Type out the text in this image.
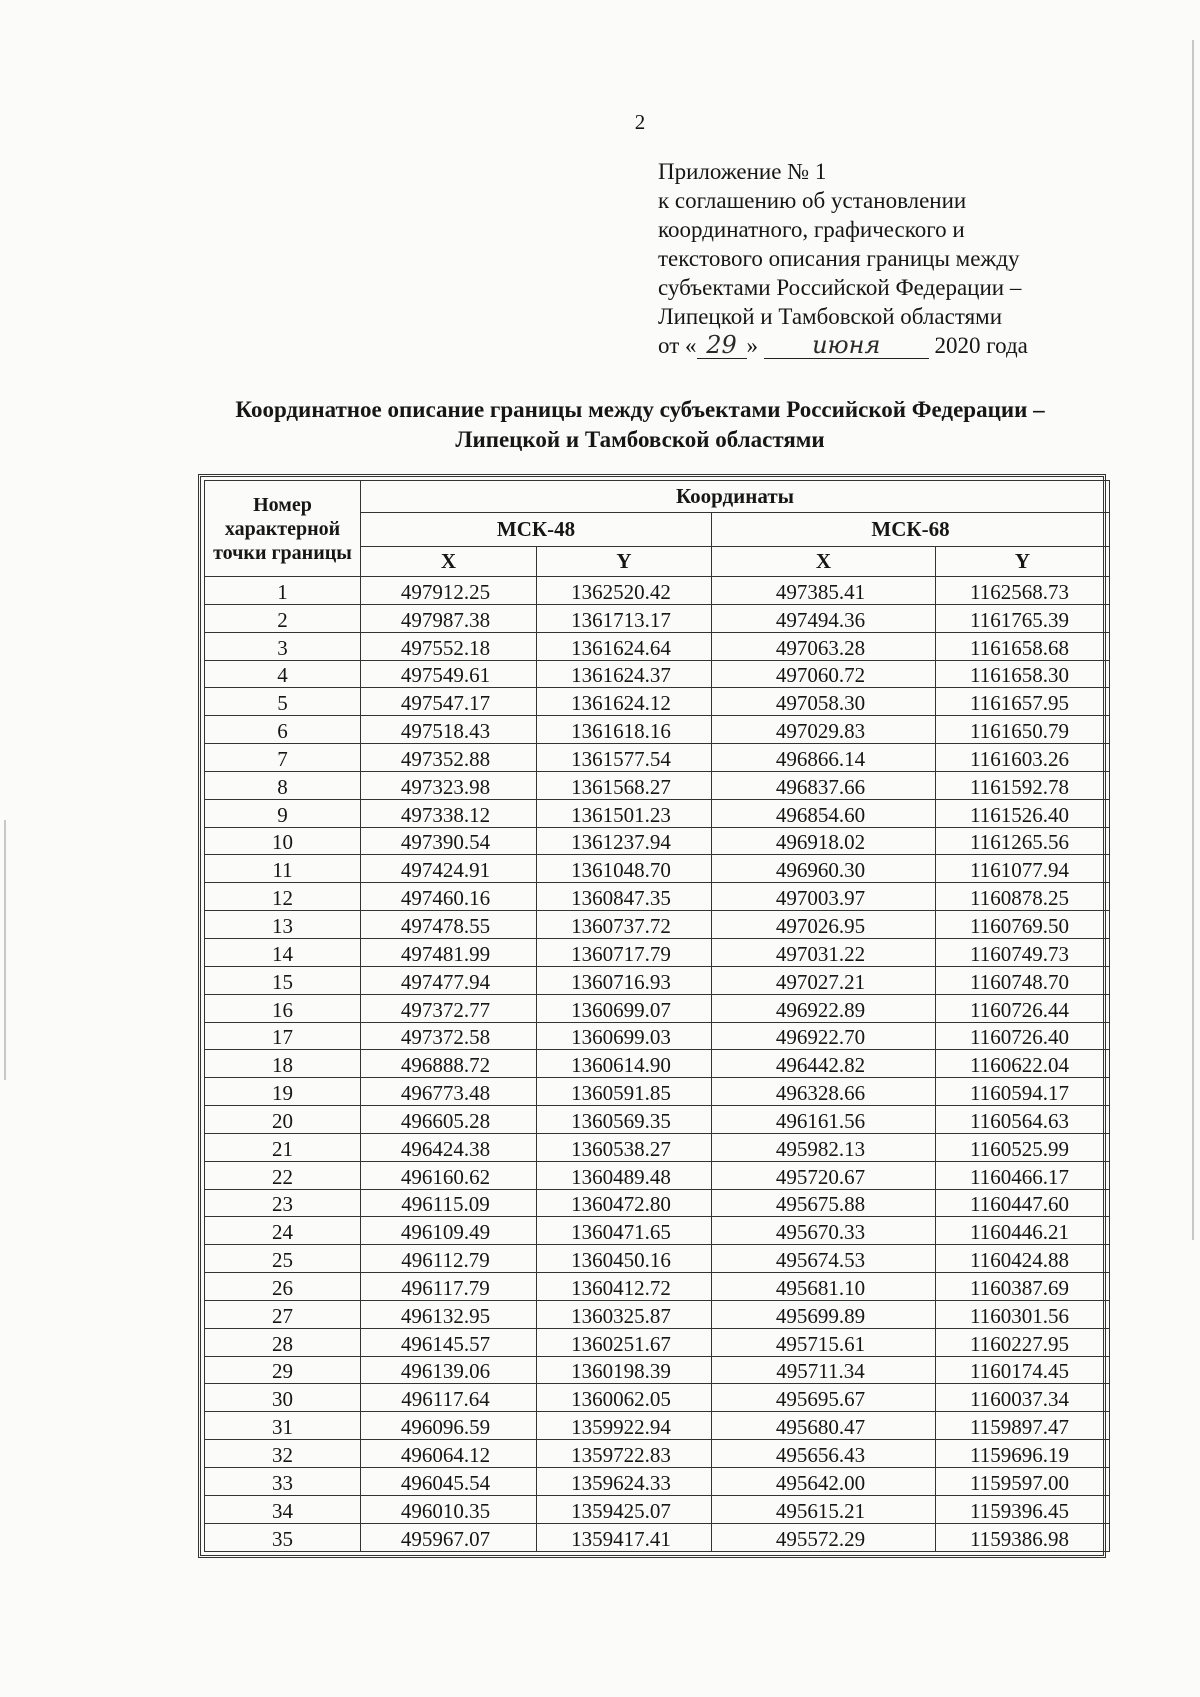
2
Приложение № 1
к соглашению об установлении
координатного, графического и
текстового описания границы между
субъектами Российской Федерации –
Липецкой и Тамбовской областями
от « 29 » июня 2020 года
Координатное описание границы между субъектами Российской Федерации –
Липецкой и Тамбовской областями
Номер характерной точки границы	Координаты			
	МСК-48		МСК-68	
	X	Y	X	Y
1	497912.25	1362520.42	497385.41	1162568.73
2	497987.38	1361713.17	497494.36	1161765.39
3	497552.18	1361624.64	497063.28	1161658.68
4	497549.61	1361624.37	497060.72	1161658.30
5	497547.17	1361624.12	497058.30	1161657.95
6	497518.43	1361618.16	497029.83	1161650.79
7	497352.88	1361577.54	496866.14	1161603.26
8	497323.98	1361568.27	496837.66	1161592.78
9	497338.12	1361501.23	496854.60	1161526.40
10	497390.54	1361237.94	496918.02	1161265.56
11	497424.91	1361048.70	496960.30	1161077.94
12	497460.16	1360847.35	497003.97	1160878.25
13	497478.55	1360737.72	497026.95	1160769.50
14	497481.99	1360717.79	497031.22	1160749.73
15	497477.94	1360716.93	497027.21	1160748.70
16	497372.77	1360699.07	496922.89	1160726.44
17	497372.58	1360699.03	496922.70	1160726.40
18	496888.72	1360614.90	496442.82	1160622.04
19	496773.48	1360591.85	496328.66	1160594.17
20	496605.28	1360569.35	496161.56	1160564.63
21	496424.38	1360538.27	495982.13	1160525.99
22	496160.62	1360489.48	495720.67	1160466.17
23	496115.09	1360472.80	495675.88	1160447.60
24	496109.49	1360471.65	495670.33	1160446.21
25	496112.79	1360450.16	495674.53	1160424.88
26	496117.79	1360412.72	495681.10	1160387.69
27	496132.95	1360325.87	495699.89	1160301.56
28	496145.57	1360251.67	495715.61	1160227.95
29	496139.06	1360198.39	495711.34	1160174.45
30	496117.64	1360062.05	495695.67	1160037.34
31	496096.59	1359922.94	495680.47	1159897.47
32	496064.12	1359722.83	495656.43	1159696.19
33	496045.54	1359624.33	495642.00	1159597.00
34	496010.35	1359425.07	495615.21	1159396.45
35	495967.07	1359417.41	495572.29	1159386.98
